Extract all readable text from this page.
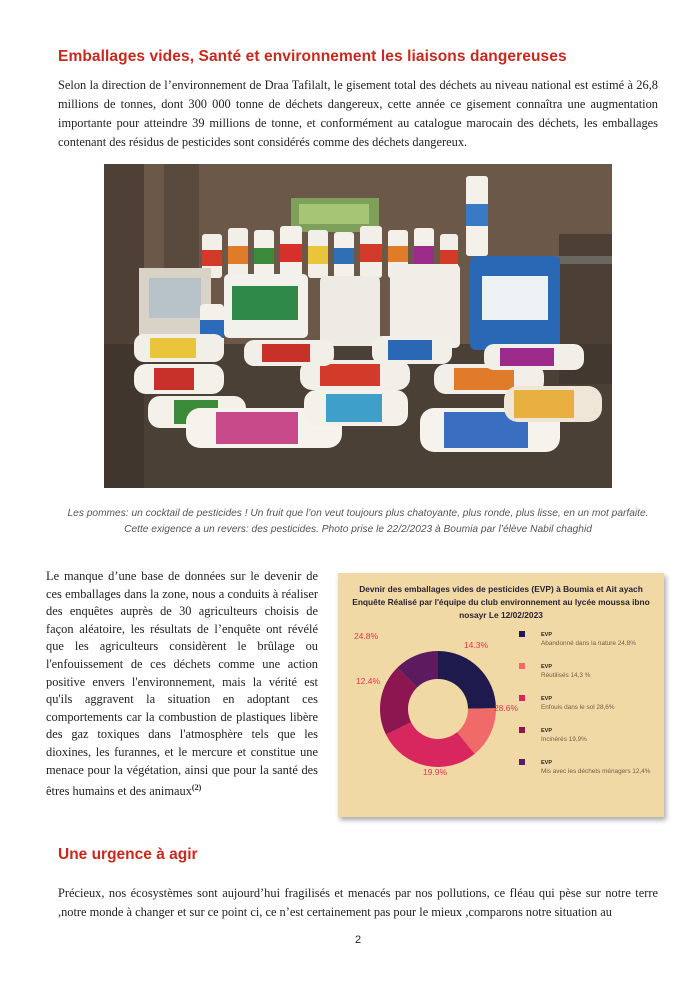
Emballages vides, Santé et environnement les liaisons dangereuses

Selon la direction de l’environnement de Draa Tafilalt, le gisement total des déchets au niveau national est estimé à 26,8 millions de tonnes, dont 300 000 tonne de déchets dangereux, cette année ce gisement connaîtra une augmentation importante pour atteindre 39 millions de tonne, et conformément au catalogue marocain des déchets, les emballages contenant des résidus de pesticides sont considérés comme des déchets dangereux.

Les pommes: un cocktail de pesticides ! Un fruit que l’on veut toujours plus chatoyante, plus ronde, plus lisse, en un mot parfaite. Cette exigence a un revers: des pesticides. Photo prise le 22/2/2023 à Boumia par l’élève Nabil chaghid

Le manque d’une base de données sur le devenir de ces emballages dans la zone, nous a conduits à réaliser des enquêtes auprès de 30 agriculteurs choisis de façon aléatoire, les résultats de l’enquête ont révélé que les agriculteurs considèrent le brûlage ou l'enfouissement de ces déchets comme une action positive envers l'environnement, mais la vérité est qu'ils aggravent la situation en adoptant ces comportements car la combustion de plastiques libère des gaz toxiques dans l'atmosphère tels que les dioxines, les furannes, et le mercure et constitue une menace pour la végétation, ainsi que pour la santé des êtres humains et des animaux$^{(2)}$

Devnir des emballages vides de pesticides (EVP) à Boumia et Ait ayach
Enquête Réalisé par l'équipe du club environnement au lycée moussa ibno
nosayr Le 12/02/2023
24.8%
14.3%
28.6%
19.9%
12.4%
EVP
Abandonné dans la nature 24,8%
EVP
Réutilisés 14,3 %
EVP
Enfouis dans le sol 28,6%
EVP
Incinérés 19,9%
EVP
Mis avec les déchets ménagers 12,4%
Une urgence à agir

Précieux, nos écosystèmes sont aujourd’hui fragilisés et menacés par nos pollutions, ce fléau qui pèse sur notre terre ,notre monde à changer et sur ce point ci, ce n’est certainement pas pour le mieux ,comparons notre situation au

2
